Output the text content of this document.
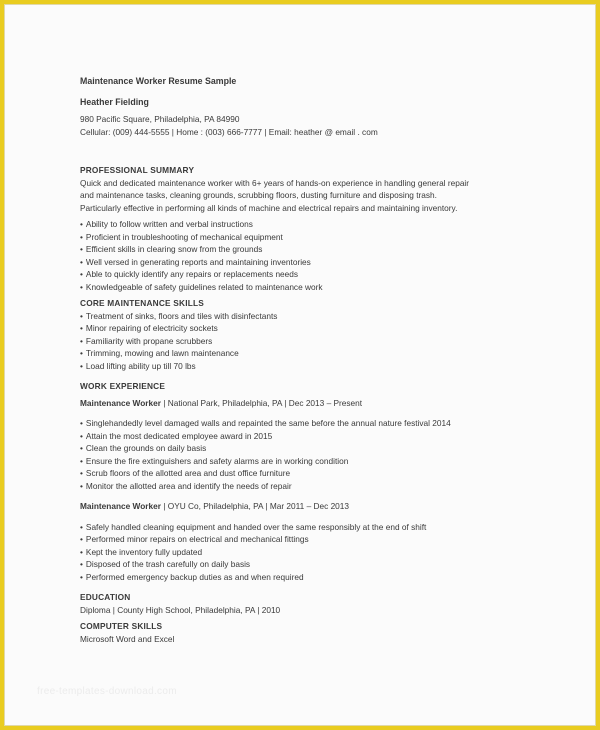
Maintenance Worker Resume Sample

Heather Fielding

980 Pacific Square, Philadelphia, PA 84990

Cellular: (009) 444-5555 | Home : (003) 666-7777 | Email: heather @ email . com

PROFESSIONAL SUMMARY

Quick and dedicated maintenance worker with 6+ years of hands-on experience in handling general repair

and maintenance tasks, cleaning grounds, scrubbing floors, dusting furniture and disposing trash.

Particularly effective in performing all kinds of machine and electrical repairs and maintaining inventory.

• Ability to follow written and verbal instructions
• Proficient in troubleshooting of mechanical equipment
• Efficient skills in clearing snow from the grounds
• Well versed in generating reports and maintaining inventories
• Able to quickly identify any repairs or replacements needs
• Knowledgeable of safety guidelines related to maintenance work

CORE MAINTENANCE SKILLS

• Treatment of sinks, floors and tiles with disinfectants
• Minor repairing of electricity sockets
• Familiarity with propane scrubbers
• Trimming, mowing and lawn maintenance
• Load lifting ability up till 70 lbs

WORK EXPERIENCE

Maintenance Worker | National Park, Philadelphia, PA | Dec 2013 – Present

• Singlehandedly level damaged walls and repainted the same before the annual nature festival 2014
• Attain the most dedicated employee award in 2015
• Clean the grounds on daily basis
• Ensure the fire extinguishers and safety alarms are in working condition
• Scrub floors of the allotted area and dust office furniture
• Monitor the allotted area and identify the needs of repair

Maintenance Worker | OYU Co, Philadelphia, PA | Mar 2011 – Dec 2013

• Safely handled cleaning equipment and handed over the same responsibly at the end of shift
• Performed minor repairs on electrical and mechanical fittings
• Kept the inventory fully updated
• Disposed of the trash carefully on daily basis
• Performed emergency backup duties as and when required

EDUCATION

Diploma | County High School, Philadelphia, PA | 2010

COMPUTER SKILLS

Microsoft Word and Excel

free-templates-download.com
